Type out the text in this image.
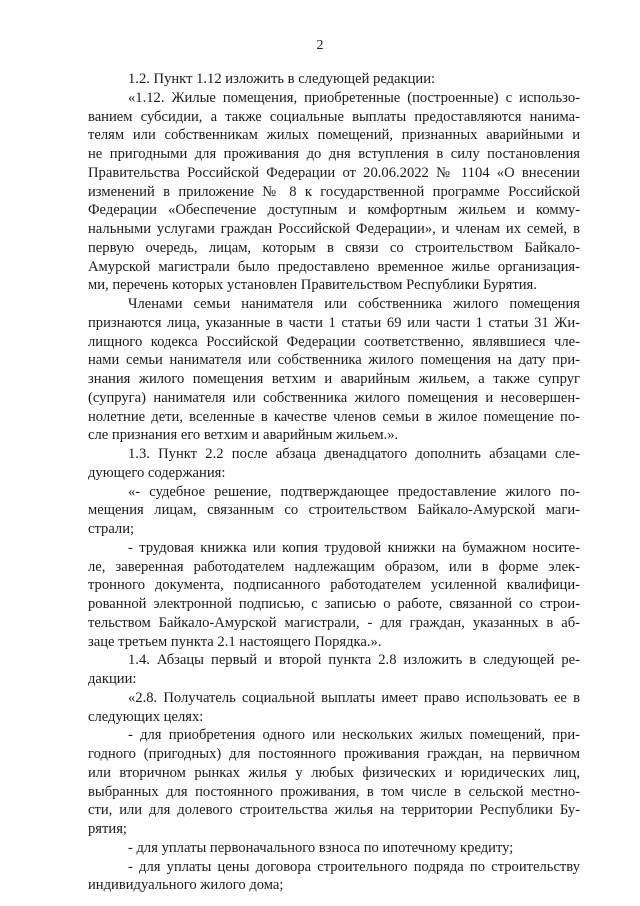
2
1.2. Пункт 1.12 изложить в следующей редакции:
«1.12. Жилые помещения, приобретенные (построенные) с использо-
ванием субсидии, а также социальные выплаты предоставляются нанима-
телям или собственникам жилых помещений, признанных аварийными и
не пригодными для проживания до дня вступления в силу постановления
Правительства Российской Федерации от 20.06.2022 № 1104 «О внесении
изменений в приложение № 8 к государственной программе Российской
Федерации «Обеспечение доступным и комфортным жильем и комму-
нальными услугами граждан Российской Федерации», и членам их семей, в
первую очередь, лицам, которым в связи со строительством Байкало-
Амурской магистрали было предоставлено временное жилье организация-
ми, перечень которых установлен Правительством Республики Бурятия.
Членами семьи нанимателя или собственника жилого помещения
признаются лица, указанные в части 1 статьи 69 или части 1 статьи 31 Жи-
лищного кодекса Российской Федерации соответственно, являвшиеся чле-
нами семьи нанимателя или собственника жилого помещения на дату при-
знания жилого помещения ветхим и аварийным жильем, а также супруг
(супруга) нанимателя или собственника жилого помещения и несовершен-
нолетние дети, вселенные в качестве членов семьи в жилое помещение по-
сле признания его ветхим и аварийным жильем.».
1.3. Пункт 2.2 после абзаца двенадцатого дополнить абзацами сле-
дующего содержания:
«- судебное решение, подтверждающее предоставление жилого по-
мещения лицам, связанным со строительством Байкало-Амурской маги-
страли;
- трудовая книжка или копия трудовой книжки на бумажном носите-
ле, заверенная работодателем надлежащим образом, или в форме элек-
тронного документа, подписанного работодателем усиленной квалифици-
рованной электронной подписью, с записью о работе, связанной со строи-
тельством Байкало-Амурской магистрали, - для граждан, указанных в аб-
заце третьем пункта 2.1 настоящего Порядка.».
1.4. Абзацы первый и второй пункта 2.8 изложить в следующей ре-
дакции:
«2.8. Получатель социальной выплаты имеет право использовать ее в
следующих целях:
- для приобретения одного или нескольких жилых помещений, при-
годного (пригодных) для постоянного проживания граждан, на первичном
или вторичном рынках жилья у любых физических и юридических лиц,
выбранных для постоянного проживания, в том числе в сельской местно-
сти, или для долевого строительства жилья на территории Республики Бу-
рятия;
- для уплаты первоначального взноса по ипотечному кредиту;
- для уплаты цены договора строительного подряда по строительству
индивидуального жилого дома;
